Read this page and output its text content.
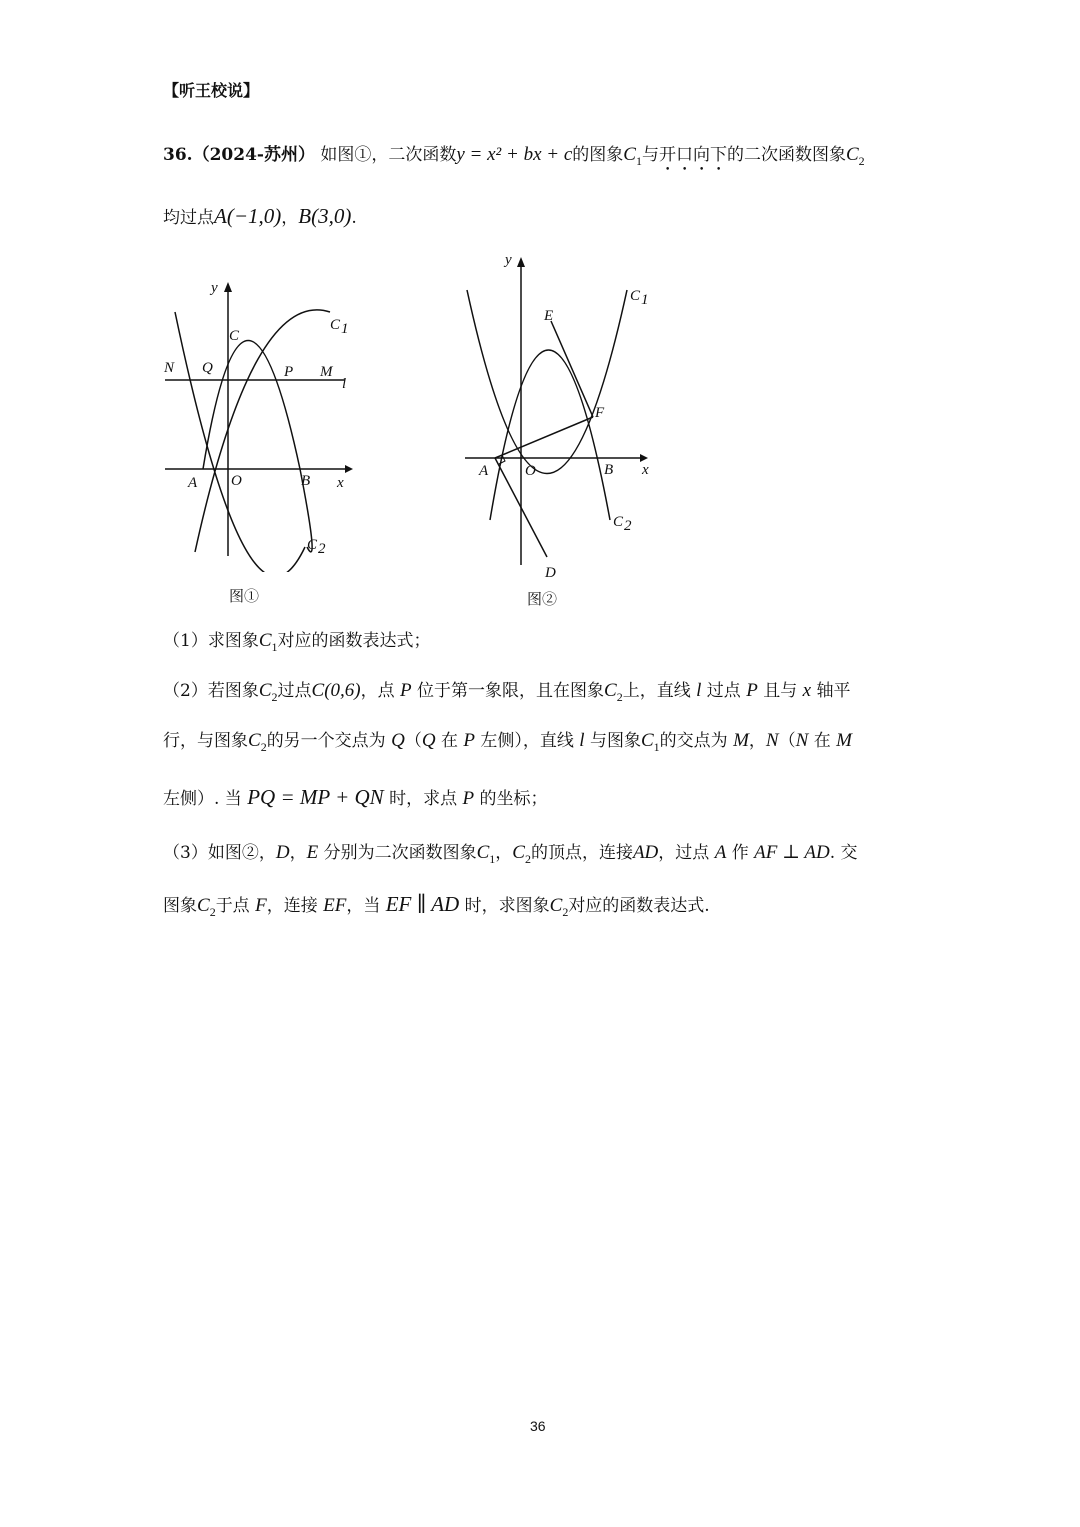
【听王校说】
36.（2024-苏州） 如图①，二次函数y = x² + bx + c的图象$C_1$与开口向下的二次函数图象$C_2$
均过点A(−1,0)，B(3,0).
y
C
C1
N Q	P M
l
A O	B x
C2
图①
y
E
C1
F
A O	B x
C2
D
图②
（1）求图象$C_1$对应的函数表达式；
（2）若图象$C_2$过点C(0,6)，点 P 位于第一象限，且在图象$C_2$上，直线 l 过点 P 且与 x 轴平
行，与图象$C_2$的另一个交点为 Q（Q 在 P 左侧），直线 l 与图象$C_1$的交点为 M，N（N 在 M
左侧）. 当 PQ = MP + QN 时，求点 P 的坐标；
（3）如图②，D，E 分别为二次函数图象$C_1$，$C_2$的顶点，连接AD，过点 A 作 AF ⊥ AD. 交
图象$C_2$于点 F，连接 EF，当 EF ∥ AD 时，求图象$C_2$对应的函数表达式.
36
